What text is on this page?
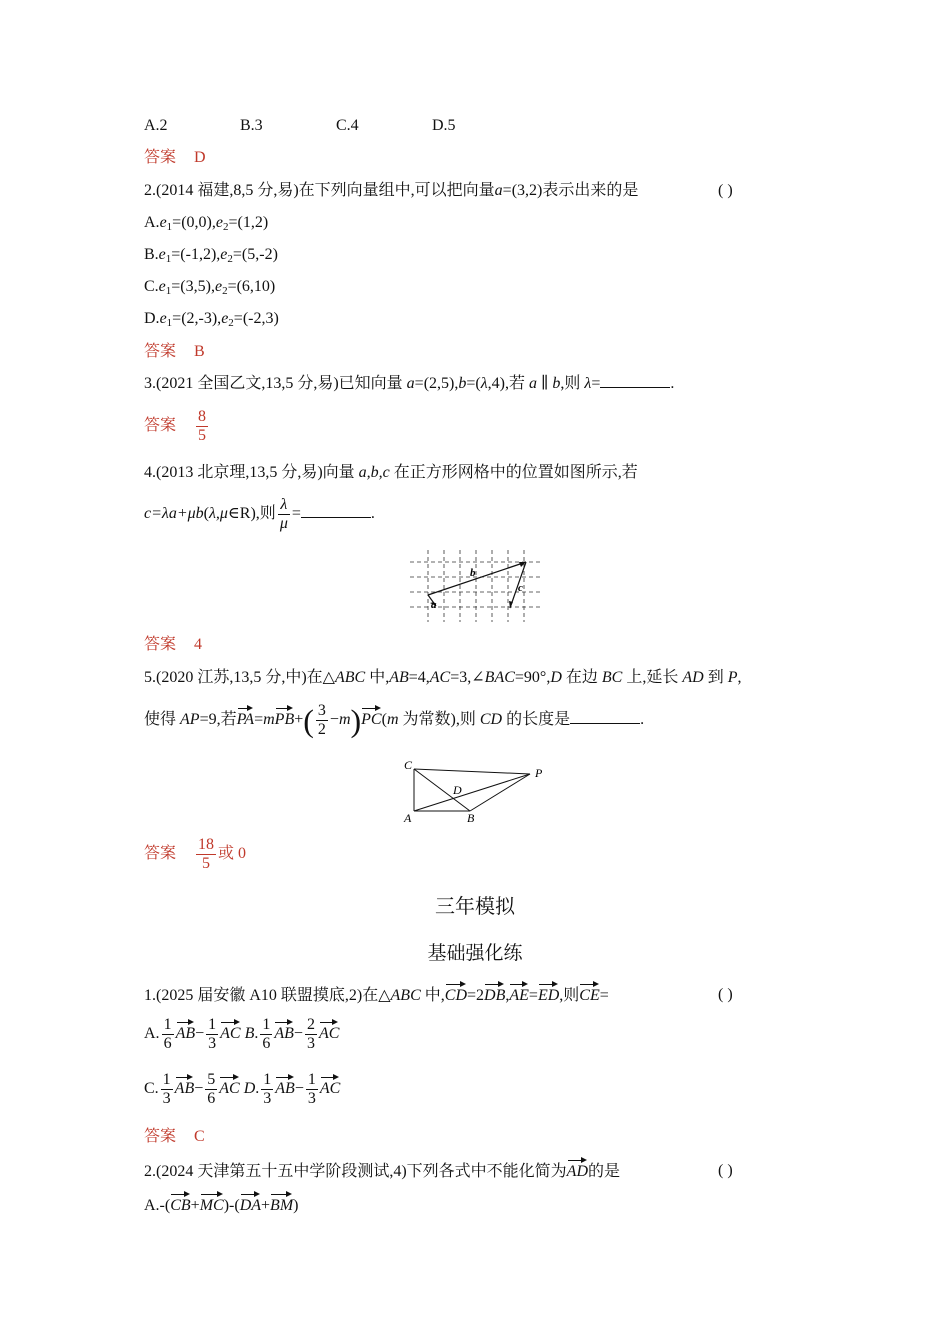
A.2	B.3	C.4	D.5
答案 D
2.(2014 福建,8,5 分,易)在下列向量组中,可以把向量a=(3,2)表示出来的是	( )
$A.e_1=(0,0),e_2=(1,2)$
$B.e_1=(-1,2),e_2=(5,-2)$
$C.e_1=(3,5),e_2=(6,10)$
$D.e_1=(2,-3),e_2=(-2,3)$
答案 B
3.(2021 全国乙文,13,5 分,易)已知向量 a=(2,5),b=(λ,4),若 a ∥ b,则 λ=	.
答案 $\frac{8}{5}$
4.(2013 北京理,13,5 分,易)向量 a,b,c 在正方形网格中的位置如图所示,若
c=λa+μb(λ,μ∈R),则 $\frac{\lambda}{\mu}$ =	.
a
b
c
答案 4
5.(2020 江苏,13,5 分,中)在△ABC 中,AB=4,AC=3,∠BAC=90°,D 在边 BC 上,延长 AD 到 P,
使得 AP=9,若$PA=mPB+( \frac{3}{2} -m)PC(m$ 为常数),则 CD 的长度是	.
C
P
D
A	B
答案 $\frac{18}{5}$ 或 0
三年模拟
基础强化练
1.(2025 届安徽 A10 联盟摸底,2)在△ABC 中,CD=2DB,AE=ED,则CE=	( )
A. $\frac{1}{6} AB- \frac{1}{3}$ AC B. $\frac{1}{6} AB- \frac{2}{3}$ AC
C. $\frac{1}{3} AB- \frac{5}{6}$ AC D. $\frac{1}{3} AB- \frac{1}{3}$ AC
答案 C
2.(2024 天津第五十五中学阶段测试,4)下列各式中不能化简为AD的是	( )
A.-(CB+MC)-(DA+BM)
